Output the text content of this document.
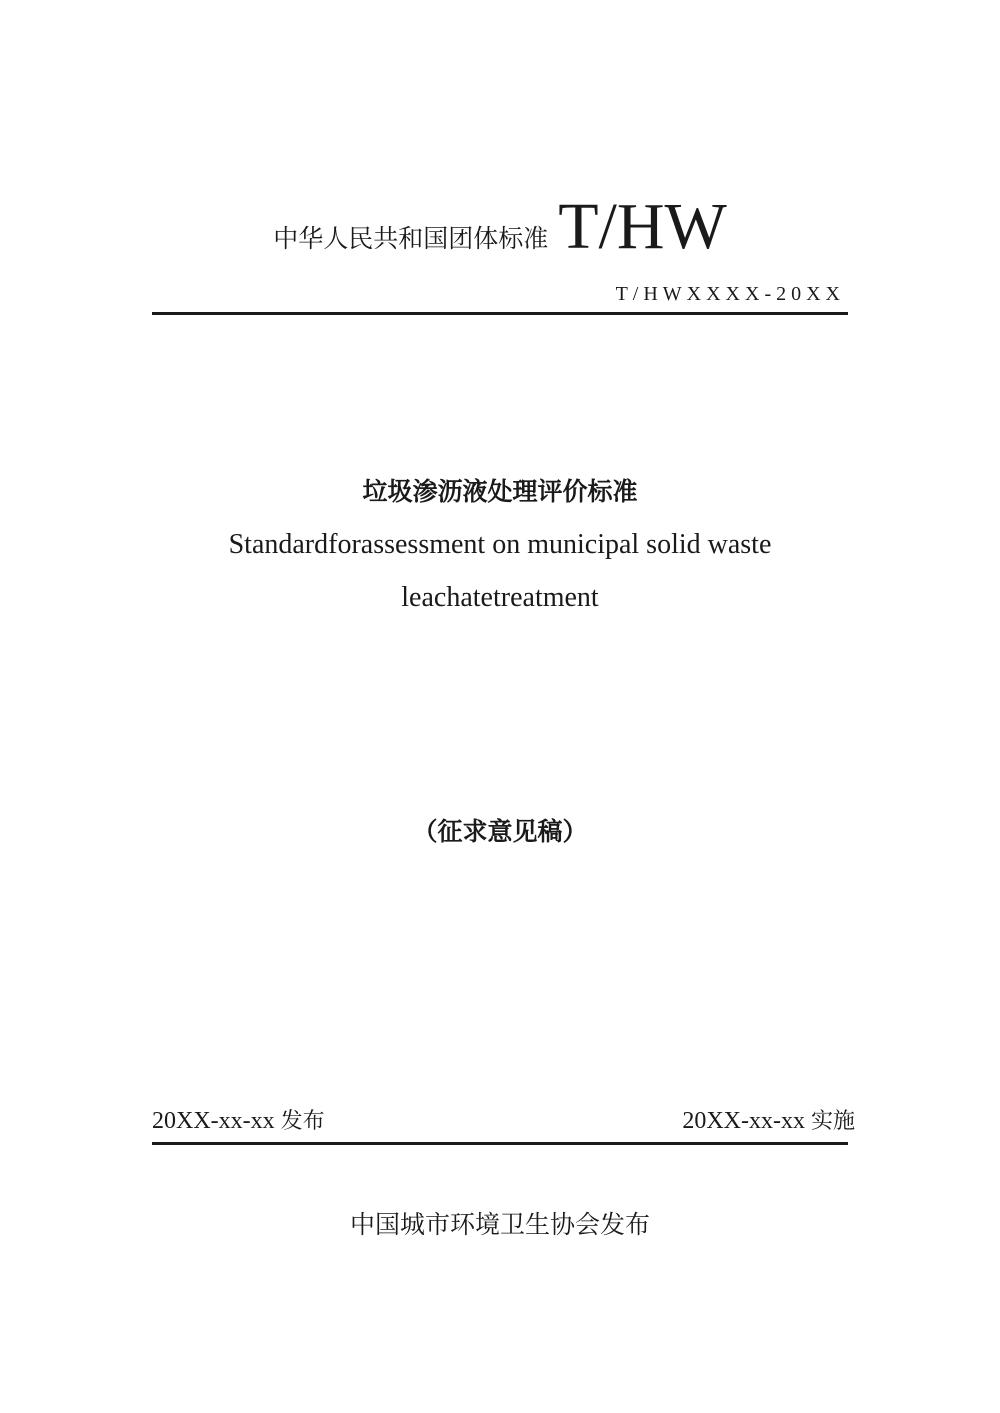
中华人民共和国团体标准 T/HW
T/HWXXXX-20XX
垃圾渗沥液处理评价标准
Standardforassessment on municipal solid waste
leachatetreatment
（征求意见稿）
20XX-xx-xx 发布	20XX-xx-xx 实施
中国城市环境卫生协会发布
